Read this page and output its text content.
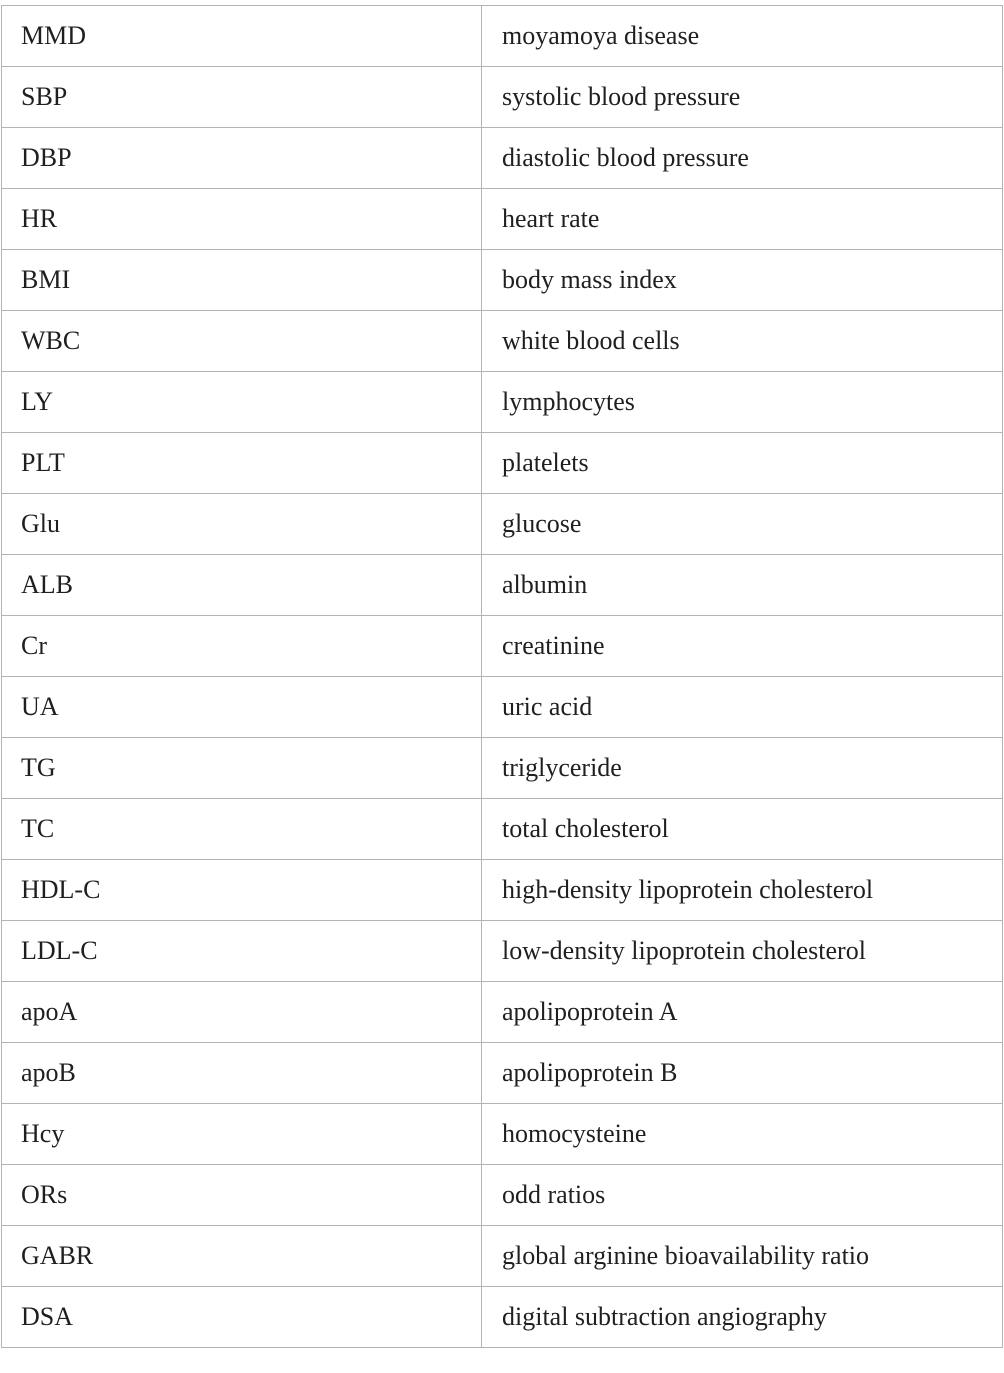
MMD	moyamoya disease
SBP	systolic blood pressure
DBP	diastolic blood pressure
HR	heart rate
BMI	body mass index
WBC	white blood cells
LY	lymphocytes
PLT	platelets
Glu	glucose
ALB	albumin
Cr	creatinine
UA	uric acid
TG	triglyceride
TC	total cholesterol
HDL-C	high-density lipoprotein cholesterol
LDL-C	low-density lipoprotein cholesterol
apoA	apolipoprotein A
apoB	apolipoprotein B
Hcy	homocysteine
ORs	odd ratios
GABR	global arginine bioavailability ratio
DSA	digital subtraction angiography
